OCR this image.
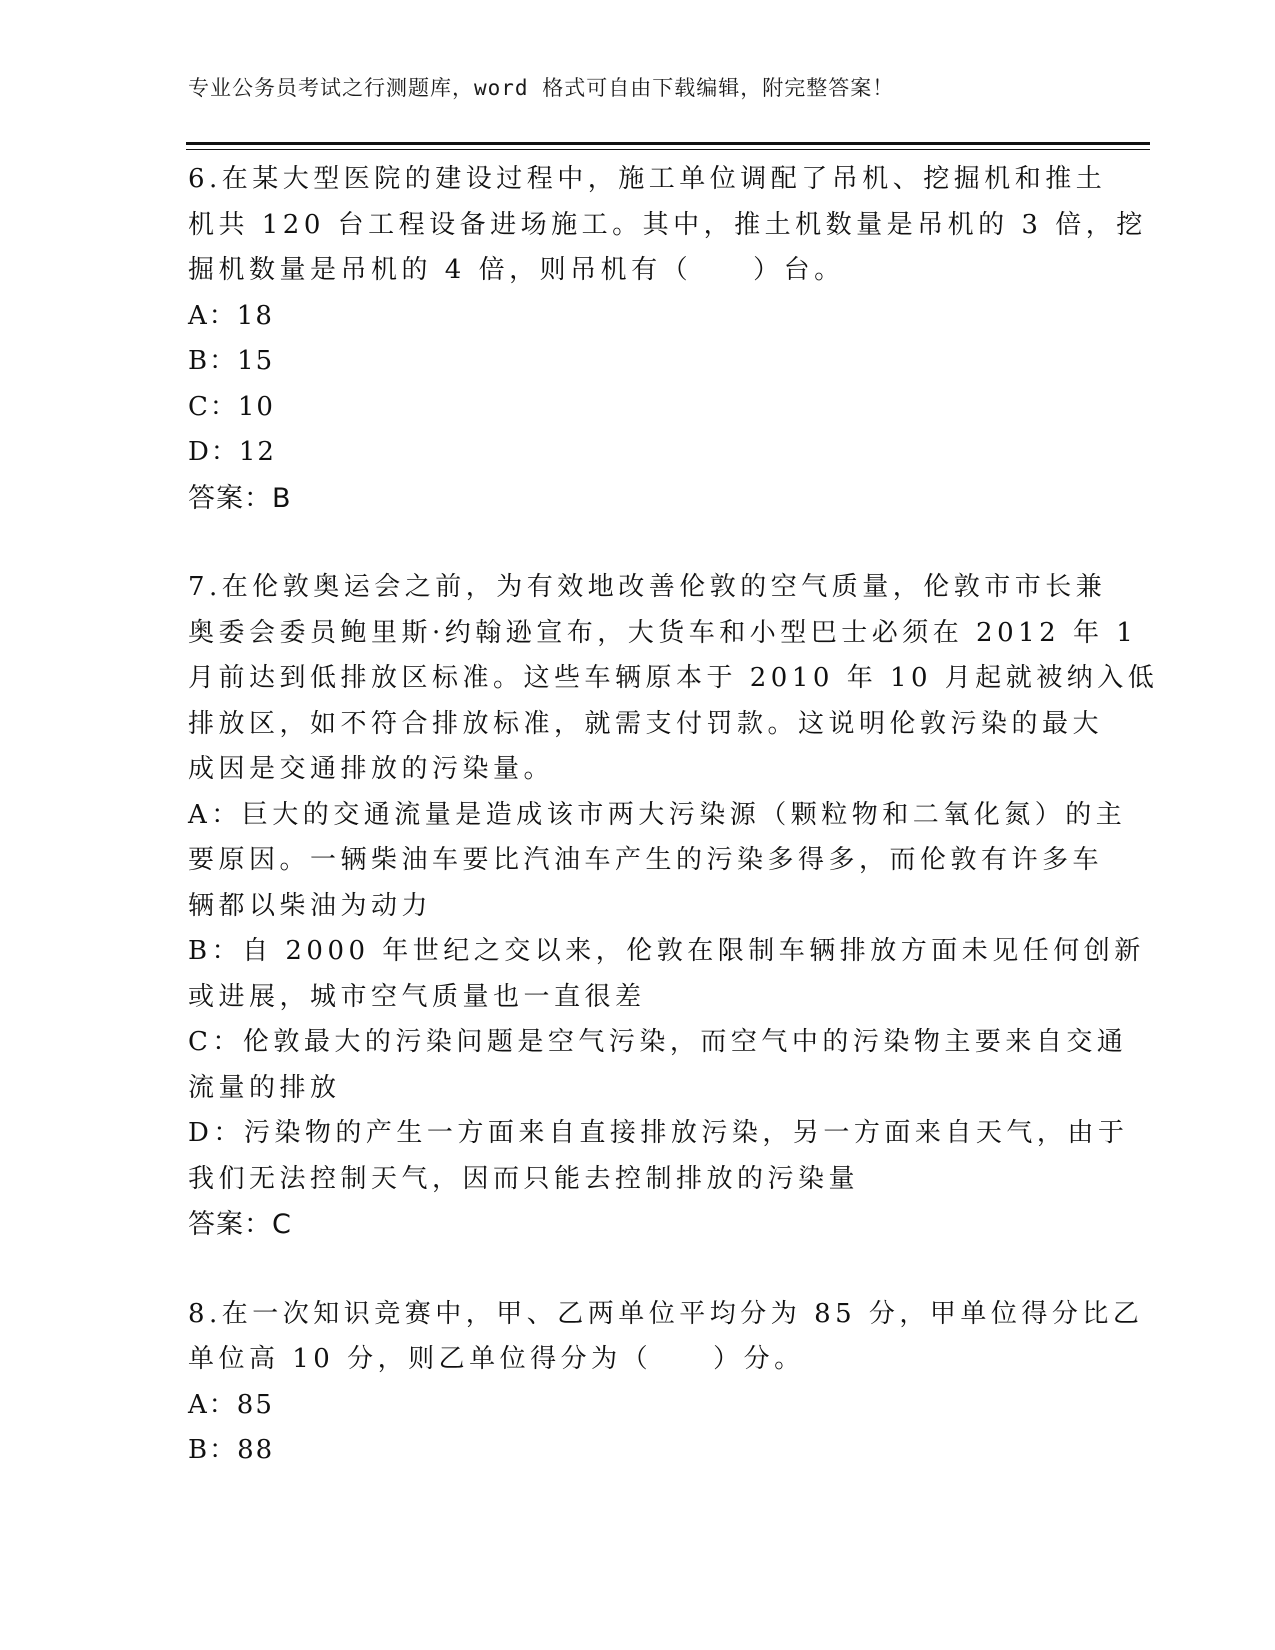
专业公务员考试之行测题库，word 格式可自由下载编辑，附完整答案！
6.在某大型医院的建设过程中，施工单位调配了吊机、挖掘机和推土
机共 120 台工程设备进场施工。其中，推土机数量是吊机的 3 倍，挖
掘机数量是吊机的 4 倍，则吊机有（　　）台。
A：18
B：15
C：10
D：12
答案：B
7.在伦敦奥运会之前，为有效地改善伦敦的空气质量，伦敦市市长兼
奥委会委员鲍里斯·约翰逊宣布，大货车和小型巴士必须在 2012 年 1
月前达到低排放区标准。这些车辆原本于 2010 年 10 月起就被纳入低
排放区，如不符合排放标准，就需支付罚款。这说明伦敦污染的最大
成因是交通排放的污染量。
A：巨大的交通流量是造成该市两大污染源（颗粒物和二氧化氮）的主
要原因。一辆柴油车要比汽油车产生的污染多得多，而伦敦有许多车
辆都以柴油为动力
B：自 2000 年世纪之交以来，伦敦在限制车辆排放方面未见任何创新
或进展，城市空气质量也一直很差
C：伦敦最大的污染问题是空气污染，而空气中的污染物主要来自交通
流量的排放
D：污染物的产生一方面来自直接排放污染，另一方面来自天气，由于
我们无法控制天气，因而只能去控制排放的污染量
答案：C
8.在一次知识竞赛中，甲、乙两单位平均分为 85 分，甲单位得分比乙
单位高 10 分，则乙单位得分为（　　）分。
A：85
B：88
